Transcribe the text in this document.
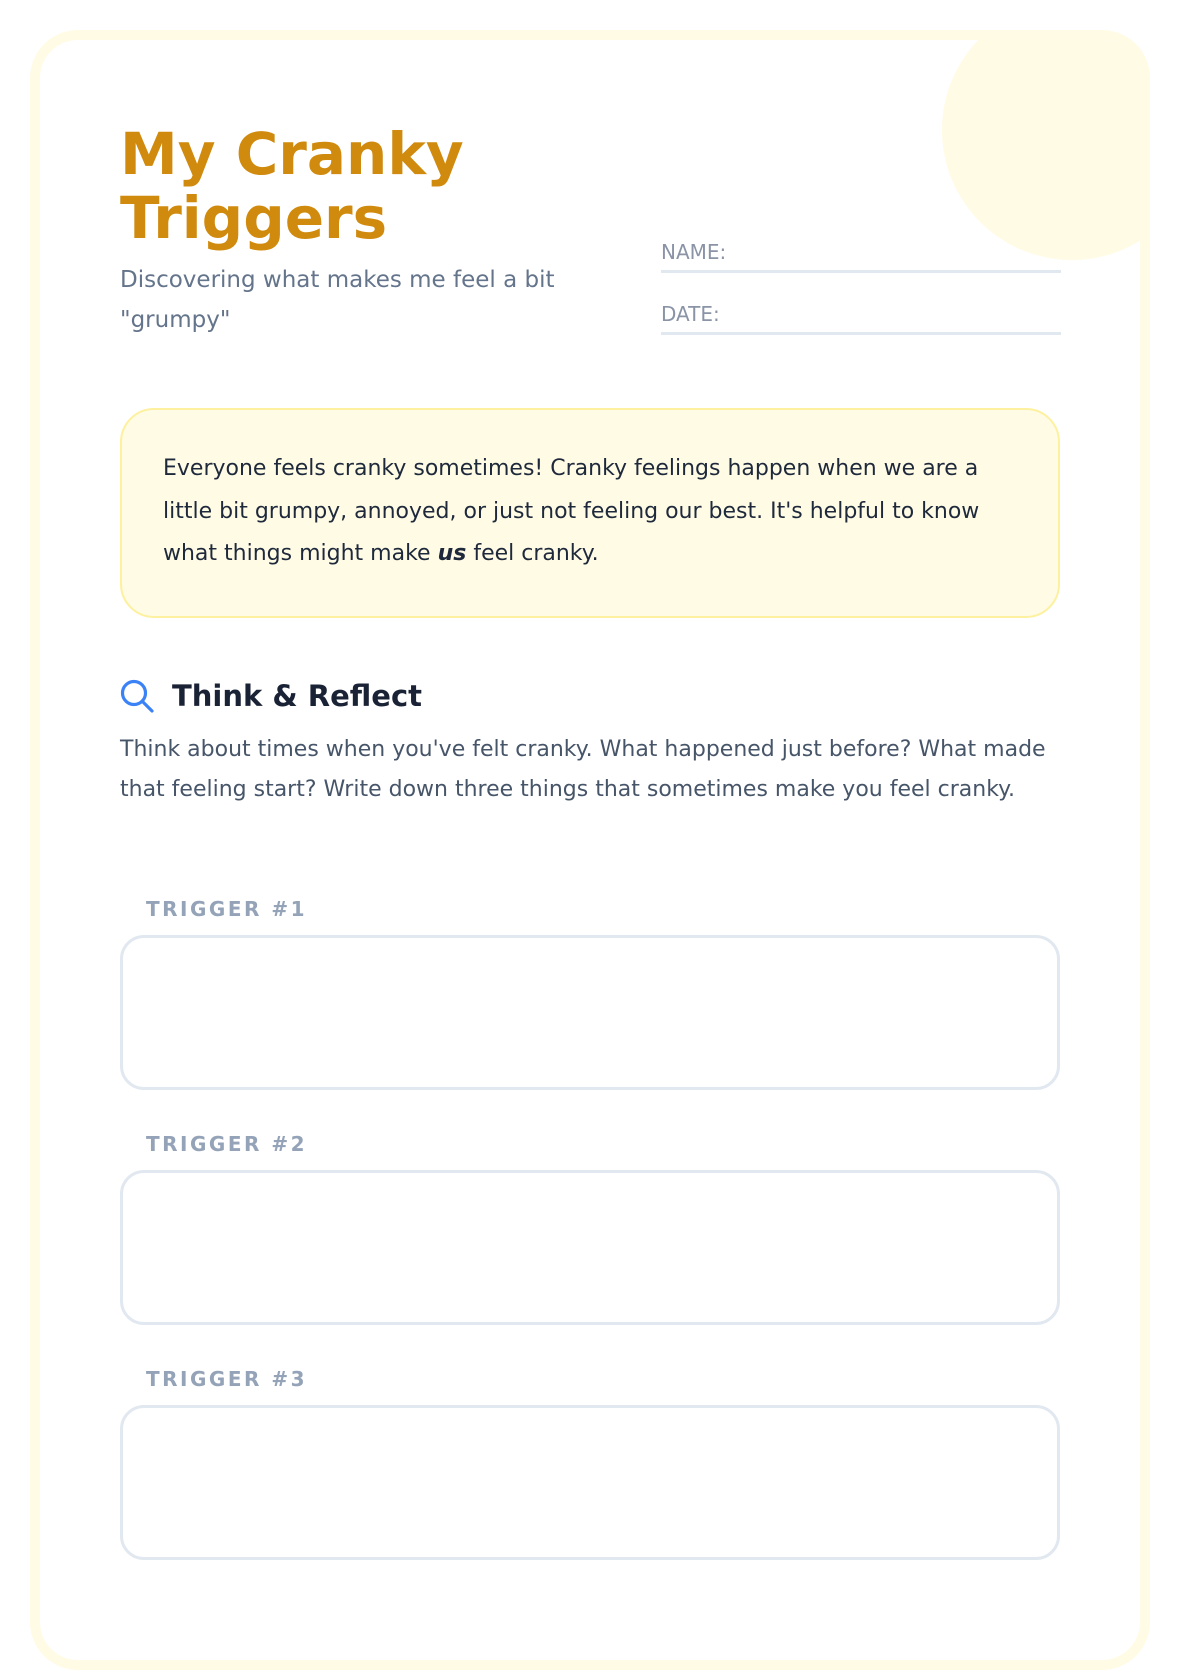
My Cranky
Triggers

Discovering what makes me feel a bit "grumpy"

NAME:
DATE:
Everyone feels cranky sometimes! Cranky feelings happen when we are a little bit grumpy, annoyed, or just not feeling our best. It's helpful to know what things might make us feel cranky.
Think & Reflect

Think about times when you've felt cranky. What happened just before? What made that feeling start? Write down three things that sometimes make you feel cranky.

TRIGGER #1
TRIGGER #2
TRIGGER #3
